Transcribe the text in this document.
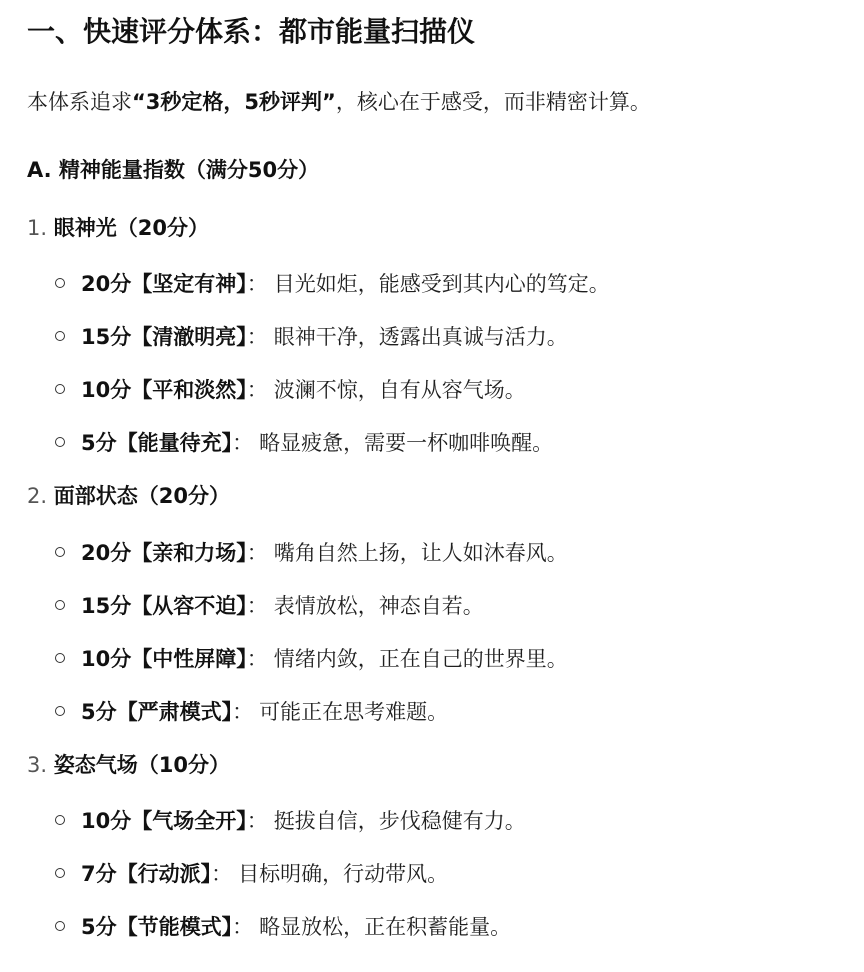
一、快速评分体系：都市能量扫描仪

本体系追求“3秒定格，5秒评判”，核心在于感受，而非精密计算。

A. 精神能量指数（满分50分）

1. 眼神光（20分）

20分【坚定有神】： 目光如炬，能感受到其内心的笃定。

15分【清澈明亮】： 眼神干净，透露出真诚与活力。

10分【平和淡然】： 波澜不惊，自有从容气场。

5分【能量待充】： 略显疲惫，需要一杯咖啡唤醒。

2. 面部状态（20分）

20分【亲和力场】： 嘴角自然上扬，让人如沐春风。

15分【从容不迫】： 表情放松，神态自若。

10分【中性屏障】： 情绪内敛，正在自己的世界里。

5分【严肃模式】： 可能正在思考难题。

3. 姿态气场（10分）

10分【气场全开】： 挺拔自信，步伐稳健有力。

7分【行动派】： 目标明确，行动带风。

5分【节能模式】： 略显放松，正在积蓄能量。
